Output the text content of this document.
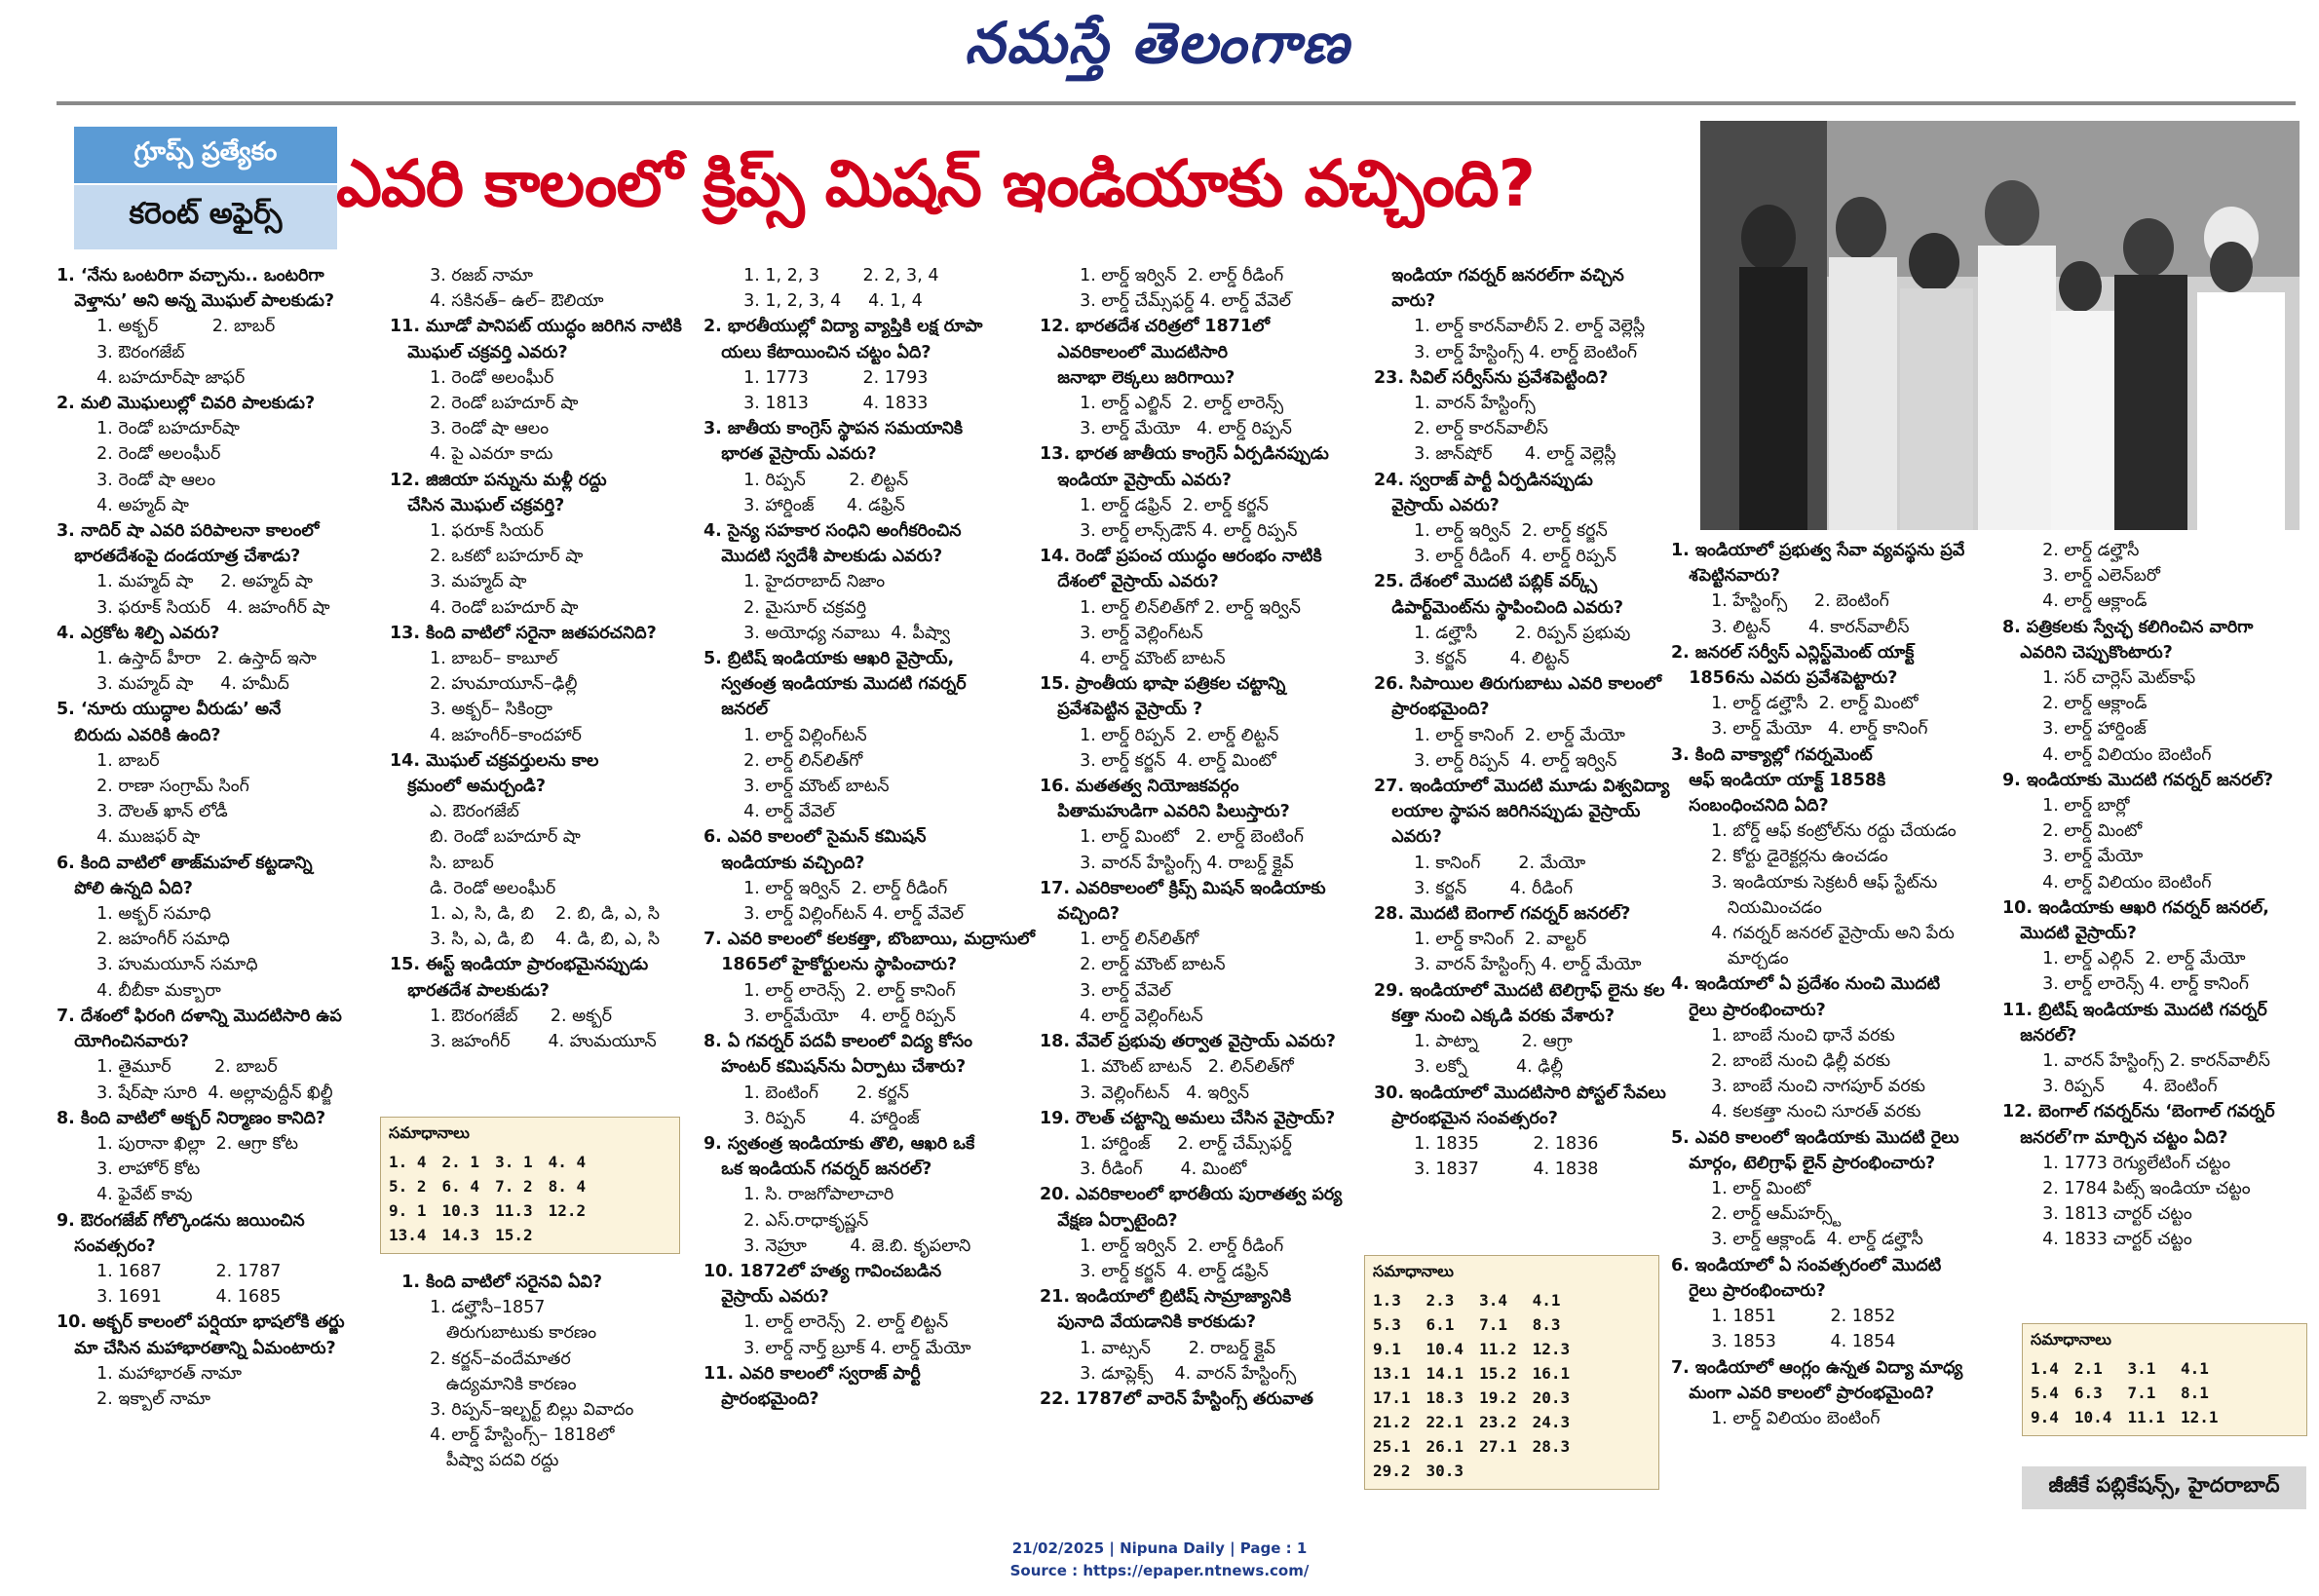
నమస్తే తెలంగాణ
గ్రూప్స్ ప్రత్యేకం
కరెంట్ అఫైర్స్ ఎవరి కాలంలో క్రిప్స్ మిషన్ ఇండియాకు వచ్చింది?
1. ‘నేను ఒంటరిగా వచ్చాను.. ఒంటరిగా
వెళ్తాను’ అని అన్న మొఘల్ పాలకుడు?
1. అక్బర్          2. బాబర్
3. ఔరంగజేబ్
4. బహదూర్‌షా జాఫర్
2. మలి మొఘలుల్లో చివరి పాలకుడు?
1. రెండో బహదూర్‌షా
2. రెండో అలంఘీర్
3. రెండో షా ఆలం
4. అహ్మద్ షా
3. నాదిర్ షా ఎవరి పరిపాలనా కాలంలో
భారతదేశంపై దండయాత్ర చేశాడు?
1. మహ్మద్ షా     2. అహ్మద్ షా
3. ఫరూక్ సియర్   4. జహంగీర్ షా
4. ఎర్రకోట శిల్పి ఎవరు?
1. ఉస్తాద్ హీరా   2. ఉస్తాద్ ఇసా
3. మహ్మద్ షా     4. హమీద్
5. ‘నూరు యుద్ధాల వీరుడు’ అనే
బిరుదు ఎవరికి ఉంది?
1. బాబర్
2. రాణా సంగ్రామ్ సింగ్
3. దౌలత్ ఖాన్ లోడీ
4. ముజఫర్ షా
6. కింది వాటిలో తాజ్‌మహల్ కట్టడాన్ని
పోలి ఉన్నది ఏది?
1. అక్బర్ సమాధి
2. జహంగీర్ సమాధి
3. హుమయూన్ సమాధి
4. బీబీకా మక్బారా
7. దేశంలో ఫిరంగి దళాన్ని మొదటిసారి ఉప
యోగించినవారు?
1. తైమూర్        2. బాబర్
3. షేర్‌షా సూరి  4. అల్లావుద్దీన్ ఖిల్జీ
8. కింది వాటిలో అక్బర్ నిర్మాణం కానిది?
1. పురానా ఖిల్లా  2. ఆగ్రా కోట
3. లాహోర్ కోట
4. ఫైవేట్ కావు
9. ఔరంగజేబ్ గోల్కొండను జయించిన
సంవత్సరం?
1. 1687          2. 1787
3. 1691          4. 1685
10. అక్బర్ కాలంలో పర్షియా భాషలోకి తర్జు
మా చేసిన మహాభారతాన్ని ఏమంటారు?
1. మహాభారత్ నామా
2. ఇక్బాల్ నామా
3. రజబ్ నామా
4. సకినత్– ఉల్– ఔలియా
11. మూడో పానిపట్ యుద్ధం జరిగిన నాటికి
మొఘల్ చక్రవర్తి ఎవరు?
1. రెండో అలంఘీర్
2. రెండో బహదూర్ షా
3. రెండో షా ఆలం
4. పై ఎవరూ కాదు
12. జిజియా పన్నును మళ్లీ రద్దు
చేసిన మొఘల్ చక్రవర్తి?
1. ఫరూక్ సియర్
2. ఒకటో బహదూర్ షా
3. మహ్మద్ షా
4. రెండో బహదూర్ షా
13. కింది వాటిలో సరైనా జతపరచనిది?
1. బాబర్– కాబూల్
2. హుమాయూన్–ఢిల్లీ
3. అక్బర్– సికింద్రా
4. జహంగీర్–కాందహార్
14. మొఘల్ చక్రవర్తులను కాల
క్రమంలో అమర్చండి?
ఎ. ఔరంగజేబ్
బి. రెండో బహదూర్ షా
సి. బాబర్
డి. రెండో అలంఘీర్
1. ఎ, సి, డి, బి    2. బి, డి, ఎ, సి
3. సి, ఎ, డి, బి    4. డి, బి, ఎ, సి
15. ఈస్ట్ ఇండియా ప్రారంభమైనప్పుడు
భారతదేశ పాలకుడు?
1. ఔరంగజేబ్      2. అక్బర్
3. జహంగీర్       4. హుమయూన్
1. కింది వాటిలో సరైనవి ఏవి?
1. డల్హౌసీ–1857
తిరుగుబాటుకు కారణం
2. కర్జన్–వందేమాతర
ఉద్యమానికి కారణం
3. రిప్పన్–ఇల్బర్ట్ బిల్లు వివాదం
4. లార్డ్ హేస్టింగ్స్– 1818లో
పీష్వా పదవి రద్దు
1. 1, 2, 3        2. 2, 3, 4
3. 1, 2, 3, 4     4. 1, 4
2. భారతీయుల్లో విద్యా వ్యాప్తికి లక్ష రూపా
యలు కేటాయించిన చట్టం ఏది?
1. 1773          2. 1793
3. 1813          4. 1833
3. జాతీయ కాంగ్రెస్ స్థాపన సమయానికి
భారత వైస్రాయ్ ఎవరు?
1. రిప్పన్        2. లిట్టన్
3. హార్డింజ్      4. డఫ్రిన్
4. సైన్య సహకార సంధిని అంగీకరించిన
మొదటి స్వదేశీ పాలకుడు ఎవరు?
1. హైదరాబాద్ నిజాం
2. మైసూర్ చక్రవర్తి
3. అయోధ్య నవాబు  4. పీష్వా
5. బ్రిటిష్ ఇండియాకు ఆఖరి వైస్రాయ్,
స్వతంత్ర ఇండియాకు మొదటి గవర్నర్
జనరల్
1. లార్డ్ విల్లింగ్‌టన్
2. లార్డ్ లిన్‌లిత్‌గో
3. లార్డ్ మౌంట్ బాటన్
4. లార్డ్ వేవెల్
6. ఎవరి కాలంలో సైమన్ కమిషన్
ఇండియాకు వచ్చింది?
1. లార్డ్ ఇర్విన్  2. లార్డ్ రీడింగ్
3. లార్డ్ విల్లింగ్‌టన్ 4. లార్డ్ వేవెల్
7. ఎవరి కాలంలో కలకత్తా, బొంబాయి, మద్రాసులో
1865లో హైకోర్టులను స్థాపించారు?
1. లార్డ్ లారెన్స్  2. లార్డ్ కానింగ్
3. లార్డ్‌మేయో    4. లార్డ్ రిప్పన్
8. ఏ గవర్నర్ పదవీ కాలంలో విద్య కోసం
హంటర్ కమిషన్‌ను ఏర్పాటు చేశారు?
1. బెంటింగ్       2. కర్జన్
3. రిప్పన్        4. హార్డింజ్
9. స్వతంత్ర ఇండియాకు తొలి, ఆఖరి ఒకే
ఒక ఇండియన్ గవర్నర్ జనరల్?
1. సి. రాజగోపాలాచారి
2. ఎస్.రాధాకృష్ణన్
3. నెహ్రూ        4. జె.బి. కృపలాని
10. 1872లో హత్య గావించబడిన
వైస్రాయ్ ఎవరు?
1. లార్డ్ లారెన్స్  2. లార్డ్ లిట్టన్
3. లార్డ్ నార్త్ బ్రూక్ 4. లార్డ్ మేయో
11. ఎవరి కాలంలో స్వరాజ్ పార్టీ
ప్రారంభమైంది?
1. లార్డ్ ఇర్విన్  2. లార్డ్ రీడింగ్
3. లార్డ్ చేమ్స్‌ఫర్డ్ 4. లార్డ్ వేవెల్
12. భారతదేశ చరిత్రలో 1871లో
ఎవరికాలంలో మొదటిసారి
జనాభా లెక్కలు జరిగాయి?
1. లార్డ్ ఎల్జిన్  2. లార్డ్ లారెన్స్
3. లార్డ్ మేయో   4. లార్డ్ రిప్పన్
13. భారత జాతీయ కాంగ్రెస్ ఏర్పడినప్పుడు
ఇండియా వైస్రాయ్ ఎవరు?
1. లార్డ్ డఫ్రిన్  2. లార్డ్ కర్జన్
3. లార్డ్ లాన్స్‌డౌన్ 4. లార్డ్ రిప్పన్
14. రెండో ప్రపంచ యుద్ధం ఆరంభం నాటికి
దేశంలో వైస్రాయ్ ఎవరు?
1. లార్డ్ లిన్‌లిత్‌గో 2. లార్డ్ ఇర్విన్
3. లార్డ్ వెల్లింగ్‌టన్
4. లార్డ్ మౌంట్ బాటన్
15. ప్రాంతీయ భాషా పత్రికల చట్టాన్ని
ప్రవేశపెట్టిన వైస్రాయ్ ?
1. లార్డ్ రిప్పన్  2. లార్డ్ లిట్టన్
3. లార్డ్ కర్జన్  4. లార్డ్ మింటో
16. మతతత్వ నియోజకవర్గం
పితామహుడిగా ఎవరిని పిలుస్తారు?
1. లార్డ్ మింటో   2. లార్డ్ బెంటింగ్
3. వారన్ హేస్టింగ్స్ 4. రాబర్డ్ క్లైవ్
17. ఎవరికాలంలో క్రిప్స్ మిషన్ ఇండియాకు
వచ్చింది?
1. లార్డ్ లిన్‌లిత్‌గో
2. లార్డ్ మౌంట్ బాటన్
3. లార్డ్ వేవెల్
4. లార్డ్ వెల్లింగ్‌టన్
18. వేవెల్ ప్రభువు తర్వాత వైస్రాయ్ ఎవరు?
1. మౌంట్ బాటన్   2. లిన్‌లిత్‌గో
3. వెల్లింగ్‌టన్   4. ఇర్విన్
19. రౌలత్ చట్టాన్ని అమలు చేసిన వైస్రాయ్?
1. హార్డింజ్     2. లార్డ్ చేమ్స్‌ఫర్డ్
3. రీడింగ్       4. మింటో
20. ఎవరికాలంలో భారతీయ పురాతత్వ పర్య
వేక్షణ ఏర్పాటైంది?
1. లార్డ్ ఇర్విన్  2. లార్డ్ రీడింగ్
3. లార్డ్ కర్జన్  4. లార్డ్ డఫ్రిన్
21. ఇండియాలో బ్రిటిష్ సామ్రాజ్యానికి
పునాది వేయడానికి కారకుడు?
1. వాట్సన్       2. రాబర్డ్ క్లైవ్
3. డూప్లెక్స్    4. వారన్ హేస్టింగ్స్
22. 1787లో వారెన్ హేస్టింగ్స్ తరువాత
ఇండియా గవర్నర్ జనరల్‌గా వచ్చిన
వారు?
1. లార్డ్ కారన్‌వాలీస్ 2. లార్డ్ వెల్లెస్లీ
3. లార్డ్ హేస్టింగ్స్ 4. లార్డ్ బెంటింగ్
23. సివిల్ సర్వీస్‌ను ప్రవేశపెట్టింది?
1. వారన్ హేస్టింగ్స్
2. లార్డ్ కారన్‌వాలీస్
3. జాన్‌షోర్      4. లార్డ్ వెల్లెస్లీ
24. స్వరాజ్ పార్టీ ఏర్పడినప్పుడు
వైస్రాయ్ ఎవరు?
1. లార్డ్ ఇర్విన్  2. లార్డ్ కర్జన్
3. లార్డ్ రీడింగ్  4. లార్డ్ రిప్పన్
25. దేశంలో మొదటి పబ్లిక్ వర్క్స్
డిపార్ట్‌మెంట్‌ను స్థాపించింది ఎవరు?
1. డల్హౌసీ       2. రిప్పన్ ప్రభువు
3. కర్జన్        4. లిట్టన్
26. సిపాయిల తిరుగుబాటు ఎవరి కాలంలో
ప్రారంభమైంది?
1. లార్డ్ కానింగ్  2. లార్డ్ మేయో
3. లార్డ్ రిప్పన్  4. లార్డ్ ఇర్విన్
27. ఇండియాలో మొదటి మూడు విశ్వవిద్యా
లయాల స్థాపన జరిగినప్పుడు వైస్రాయ్
ఎవరు?
1. కానింగ్       2. మేయో
3. కర్జన్        4. రీడింగ్
28. మొదటి బెంగాల్ గవర్నర్ జనరల్?
1. లార్డ్ కానింగ్  2. వాల్టర్
3. వారన్ హేస్టింగ్స్ 4. లార్డ్ మేయో
29. ఇండియాలో మొదటి టెలిగ్రాఫ్ లైను కల
కత్తా నుంచి ఎక్కడి వరకు వేశారు?
1. పాట్నా        2. ఆగ్రా
3. లక్నో         4. ఢిల్లీ
30. ఇండియాలో మొదటిసారి పోస్టల్ సేవలు
ప్రారంభమైన సంవత్సరం?
1. 1835          2. 1836
3. 1837          4. 1838
1. ఇండియాలో ప్రభుత్వ సేవా వ్యవస్థను ప్రవే
శపెట్టినవారు?
1. హేస్టింగ్స్     2. బెంటింగ్
3. లిట్టన్       4. కారన్‌వాలీస్
2. జనరల్ సర్వీస్ ఎన్లిస్ట్‌మెంట్ యాక్ట్
1856ను ఎవరు ప్రవేశపెట్టారు?
1. లార్డ్ డల్హౌసీ  2. లార్డ్ మింటో
3. లార్డ్ మేయో   4. లార్డ్ కానింగ్
3. కింది వాక్యాల్లో గవర్నమెంట్
ఆఫ్ ఇండియా యాక్ట్ 1858కి
సంబంధించనిది ఏది?
1. బోర్డ్ ఆఫ్ కంట్రోల్‌ను రద్దు చేయడం
2. కోర్టు డైరెక్టర్లను ఉంచడం
3. ఇండియాకు సెక్రటరీ ఆఫ్ స్టేట్‌ను
నియమించడం
4. గవర్నర్ జనరల్ వైస్రాయ్ అని పేరు
మార్చడం
4. ఇండియాలో ఏ ప్రదేశం నుంచి మొదటి
రైలు ప్రారంభించారు?
1. బాంబే నుంచి థానే వరకు
2. బాంబే నుంచి ఢిల్లీ వరకు
3. బాంబే నుంచి నాగపూర్ వరకు
4. కలకత్తా నుంచి సూరత్ వరకు
5. ఎవరి కాలంలో ఇండియాకు మొదటి రైలు
మార్గం, టెలిగ్రాఫ్ లైన్ ప్రారంభించారు?
1. లార్డ్ మింటో
2. లార్డ్ ఆమ్‌హర్స్ట్
3. లార్డ్ ఆక్లాండ్  4. లార్డ్ డల్హౌసీ
6. ఇండియాలో ఏ సంవత్సరంలో మొదటి
రైలు ప్రారంభించారు?
1. 1851          2. 1852
3. 1853          4. 1854
7. ఇండియాలో ఆంగ్లం ఉన్నత విద్యా మాధ్య
మంగా ఎవరి కాలంలో ప్రారంభమైంది?
1. లార్డ్ విలియం బెంటింగ్
2. లార్డ్ డల్హౌసీ
3. లార్డ్ ఎలెన్‌బరో
4. లార్డ్ ఆక్లాండ్
8. పత్రికలకు స్వేచ్ఛ కలిగించిన వారిగా
ఎవరిని చెప్పుకొంటారు?
1. సర్ చార్లెస్ మెట్‌కాఫ్
2. లార్డ్ ఆక్లాండ్
3. లార్డ్ హార్డింజ్
4. లార్డ్ విలియం బెంటింగ్
9. ఇండియాకు మొదటి గవర్నర్ జనరల్?
1. లార్డ్ బార్లో
2. లార్డ్ మింటో
3. లార్డ్ మేయో
4. లార్డ్ విలియం బెంటింగ్
10. ఇండియాకు ఆఖరి గవర్నర్ జనరల్,
మొదటి వైస్రాయ్?
1. లార్డ్ ఎల్గిన్  2. లార్డ్ మేయో
3. లార్డ్ లారెన్స్ 4. లార్డ్ కానింగ్
11. బ్రిటిష్ ఇండియాకు మొదటి గవర్నర్
జనరల్?
1. వారన్ హేస్టింగ్స్ 2. కారన్‌వాలీస్
3. రిప్పన్       4. బెంటింగ్
12. బెంగాల్ గవర్నర్‌ను ‘బెంగాల్ గవర్నర్
జనరల్’గా మార్చిన చట్టం ఏది?
1. 1773 రెగ్యులేటింగ్ చట్టం
2. 1784 పిట్స్ ఇండియా చట్టం
3. 1813 చార్టర్ చట్టం
4. 1833 చార్టర్ చట్టం
సమాధానాలు
1. 4	2. 1	3. 1	4. 4
5. 2	6. 4	7. 2	8. 4
9. 1	10.3	11.3	12.2
13.4	14.3	15.2	
సమాధానాలు
1.3	2.3	3.4	4.1
5.3	6.1	7.1	8.3
9.1	10.4	11.2	12.3
13.1	14.1	15.2	16.1
17.1	18.3	19.2	20.3
21.2	22.1	23.2	24.3
25.1	26.1	27.1	28.3
29.2	30.3		
సమాధానాలు
1.4	2.1	3.1	4.1
5.4	6.3	7.1	8.1
9.4	10.4	11.1	12.1
జీజీకే పబ్లికేషన్స్, హైదరాబాద్
21/02/2025 | Nipuna Daily | Page : 1
Source : https://epaper.ntnews.com/
